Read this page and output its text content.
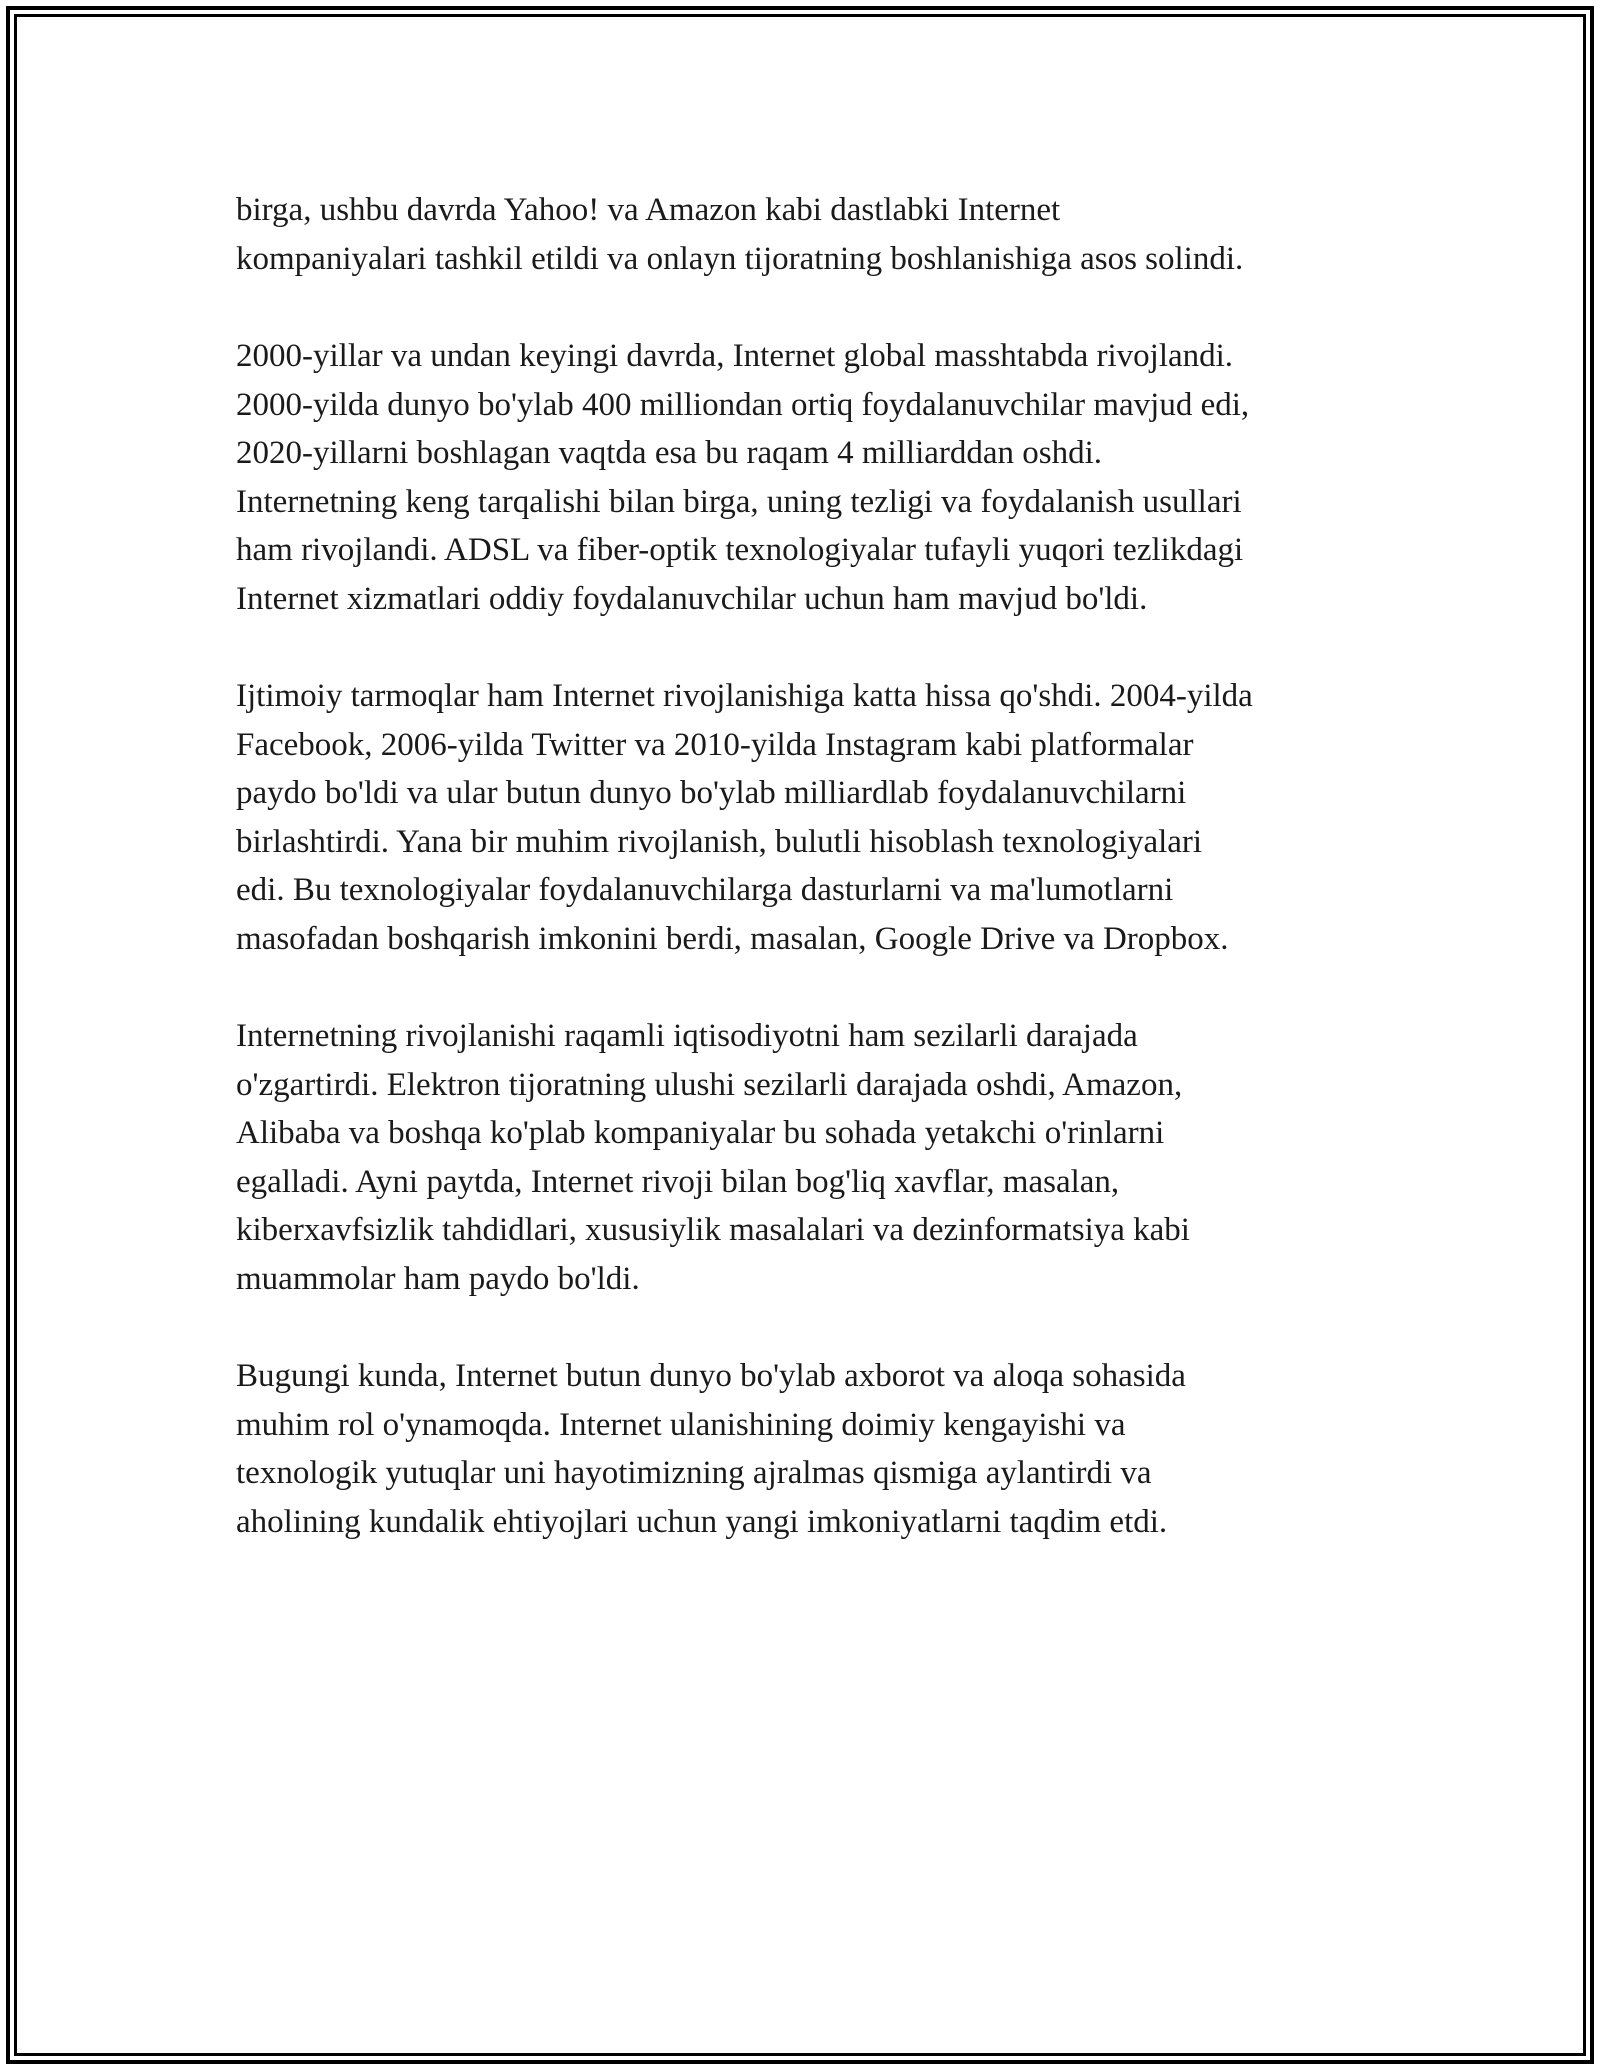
birga, ushbu davrda Yahoo! va Amazon kabi dastlabki Internet
kompaniyalari tashkil etildi va onlayn tijoratning boshlanishiga asos solindi.

2000-yillar va undan keyingi davrda, Internet global masshtabda rivojlandi.
2000-yilda dunyo bo'ylab 400 milliondan ortiq foydalanuvchilar mavjud edi,
2020-yillarni boshlagan vaqtda esa bu raqam 4 milliarddan oshdi.
Internetning keng tarqalishi bilan birga, uning tezligi va foydalanish usullari
ham rivojlandi. ADSL va fiber-optik texnologiyalar tufayli yuqori tezlikdagi
Internet xizmatlari oddiy foydalanuvchilar uchun ham mavjud bo'ldi.

Ijtimoiy tarmoqlar ham Internet rivojlanishiga katta hissa qo'shdi. 2004-yilda
Facebook, 2006-yilda Twitter va 2010-yilda Instagram kabi platformalar
paydo bo'ldi va ular butun dunyo bo'ylab milliardlab foydalanuvchilarni
birlashtirdi. Yana bir muhim rivojlanish, bulutli hisoblash texnologiyalari
edi. Bu texnologiyalar foydalanuvchilarga dasturlarni va ma'lumotlarni
masofadan boshqarish imkonini berdi, masalan, Google Drive va Dropbox.

Internetning rivojlanishi raqamli iqtisodiyotni ham sezilarli darajada
o'zgartirdi. Elektron tijoratning ulushi sezilarli darajada oshdi, Amazon,
Alibaba va boshqa ko'plab kompaniyalar bu sohada yetakchi o'rinlarni
egalladi. Ayni paytda, Internet rivoji bilan bog'liq xavflar, masalan,
kiberxavfsizlik tahdidlari, xususiylik masalalari va dezinformatsiya kabi
muammolar ham paydo bo'ldi.

Bugungi kunda, Internet butun dunyo bo'ylab axborot va aloqa sohasida
muhim rol o'ynamoqda. Internet ulanishining doimiy kengayishi va
texnologik yutuqlar uni hayotimizning ajralmas qismiga aylantirdi va
aholining kundalik ehtiyojlari uchun yangi imkoniyatlarni taqdim etdi.
